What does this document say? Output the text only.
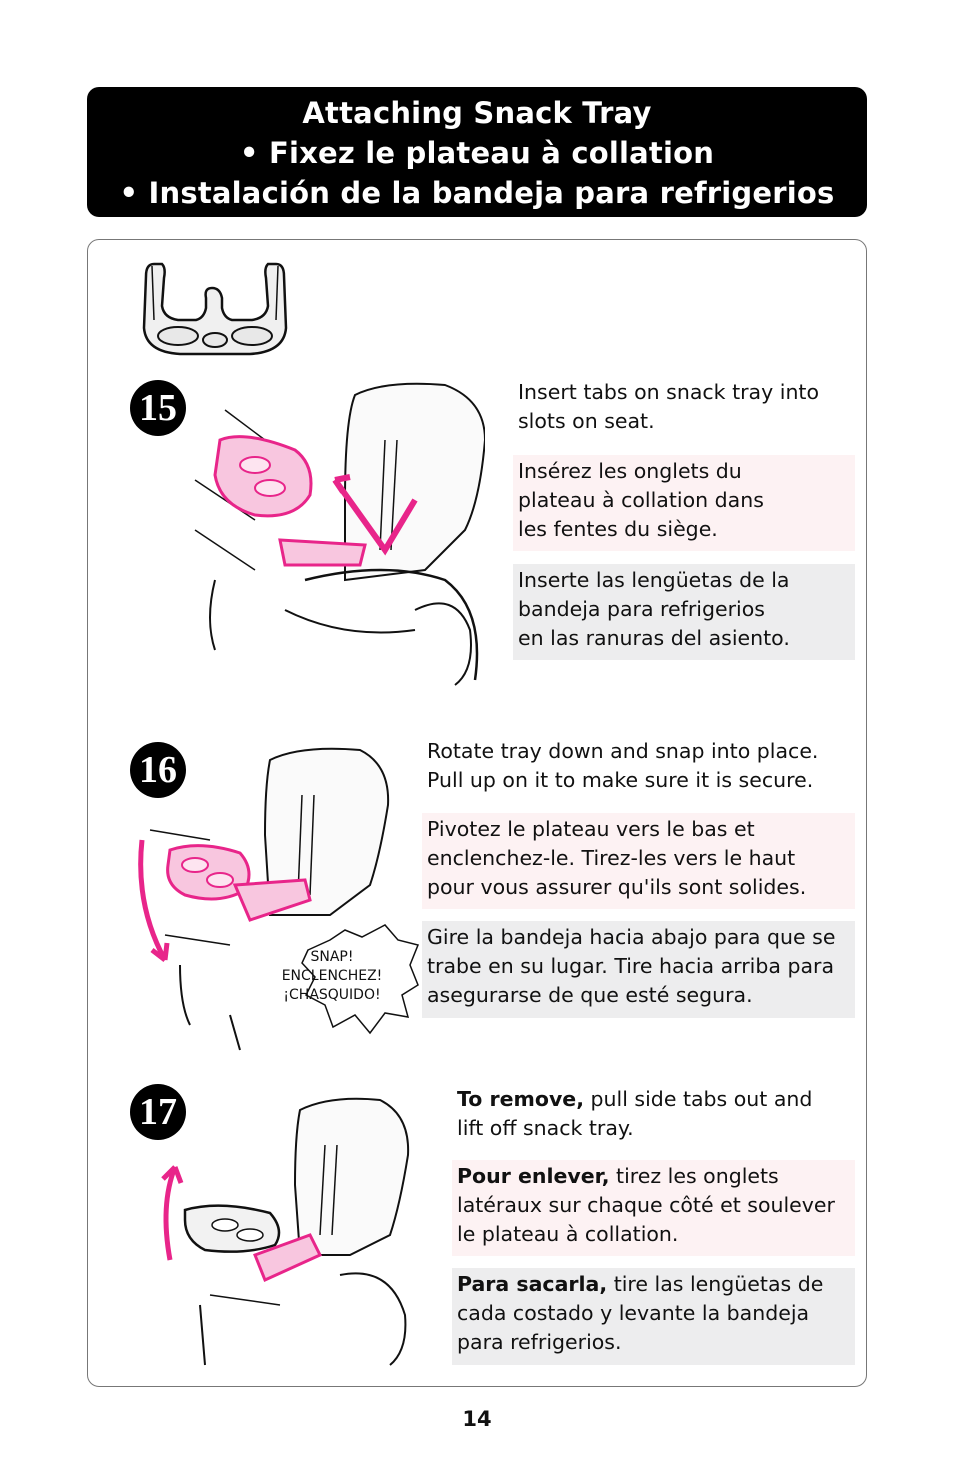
Attaching Snack Tray
• Fixez le plateau à collation
• Instalación de la bandeja para refrigerios
15	Insert tabs on snack tray into

slots on seat.

Insérez les onglets du
plateau à collation dans
les fentes du siège.
Inserte las lengüetas de la
bandeja para refrigerios
en las ranuras del asiento.
16
SNAP!
ENCLENCHEZ!
¡CHASQUIDO!

Rotate tray down and snap into place.

Pull up on it to make sure it is secure.

Pivotez le plateau vers le bas et
enclenchez-le. Tirez-les vers le haut
pour vous assurer qu'ils sont solides.
Gire la bandeja hacia abajo para que se
trabe en su lugar. Tire hacia arriba para
asegurarse de que esté segura.
17	To remove, pull side tabs out and

lift off snack tray.

Pour enlever, tirez les onglets
latéraux sur chaque côté et soulever
le plateau à collation.
Para sacarla, tire las lengüetas de
cada costado y levante la bandeja
para refrigerios.
14
